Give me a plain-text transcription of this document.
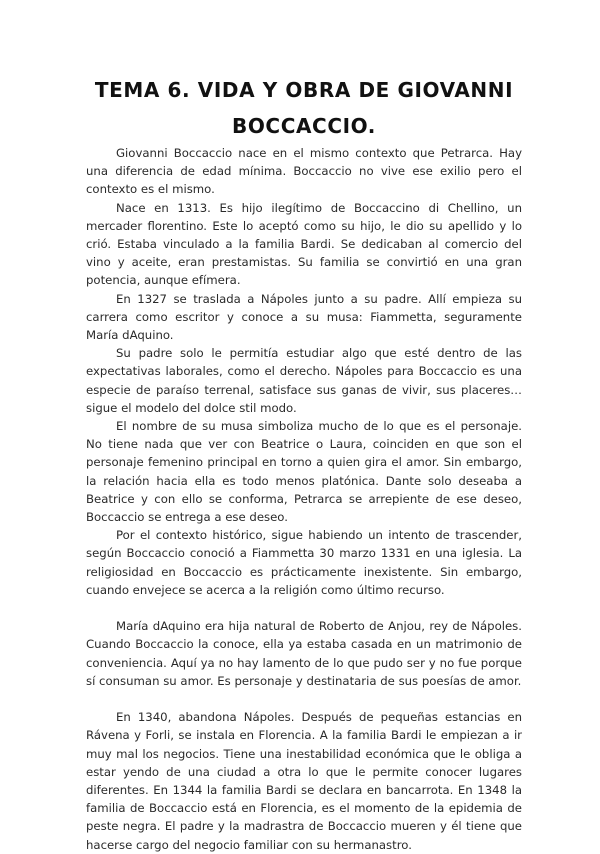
TEMA 6. VIDA Y OBRA DE GIOVANNI BOCCACCIO.

Giovanni Boccaccio nace en el mismo contexto que Petrarca. Hay una diferencia de edad mínima. Boccaccio no vive ese exilio pero el contexto es el mismo.

Nace en 1313. Es hijo ilegítimo de Boccaccino di Chellino, un mercader florentino. Este lo aceptó como su hijo, le dio su apellido y lo crió. Estaba vinculado a la familia Bardi. Se dedicaban al comercio del vino y aceite, eran prestamistas. Su familia se convirtió en una gran potencia, aunque efímera.

En 1327 se traslada a Nápoles junto a su padre. Allí empieza su carrera como escritor y conoce a su musa: Fiammetta, seguramente María dAquino.

Su padre solo le permitía estudiar algo que esté dentro de las expectativas laborales, como el derecho. Nápoles para Boccaccio es una especie de paraíso terrenal, satisface sus ganas de vivir, sus placeres… sigue el modelo del dolce stil modo.

El nombre de su musa simboliza mucho de lo que es el personaje. No tiene nada que ver con Beatrice o Laura, coinciden en que son el personaje femenino principal en torno a quien gira el amor. Sin embargo, la relación hacia ella es todo menos platónica. Dante solo deseaba a Beatrice y con ello se conforma, Petrarca se arrepiente de ese deseo, Boccaccio se entrega a ese deseo.

Por el contexto histórico, sigue habiendo un intento de trascender, según Boccaccio conoció a Fiammetta 30 marzo 1331 en una iglesia. La religiosidad en Boccaccio es prácticamente inexistente. Sin embargo, cuando envejece se acerca a la religión como último recurso.

María dAquino era hija natural de Roberto de Anjou, rey de Nápoles. Cuando Boccaccio la conoce, ella ya estaba casada en un matrimonio de conveniencia. Aquí ya no hay lamento de lo que pudo ser y no fue porque sí consuman su amor. Es personaje y destinataria de sus poesías de amor.

En 1340, abandona Nápoles. Después de pequeñas estancias en Rávena y Forli, se instala en Florencia. A la familia Bardi le empiezan a ir muy mal los negocios. Tiene una inestabilidad económica que le obliga a estar yendo de una ciudad a otra lo que le permite conocer lugares diferentes. En 1344 la familia Bardi se declara en bancarrota. En 1348 la familia de Boccaccio está en Florencia, es el momento de la epidemia de peste negra. El padre y la madrastra de Boccaccio mueren y él tiene que hacerse cargo del negocio familiar con su hermanastro.
